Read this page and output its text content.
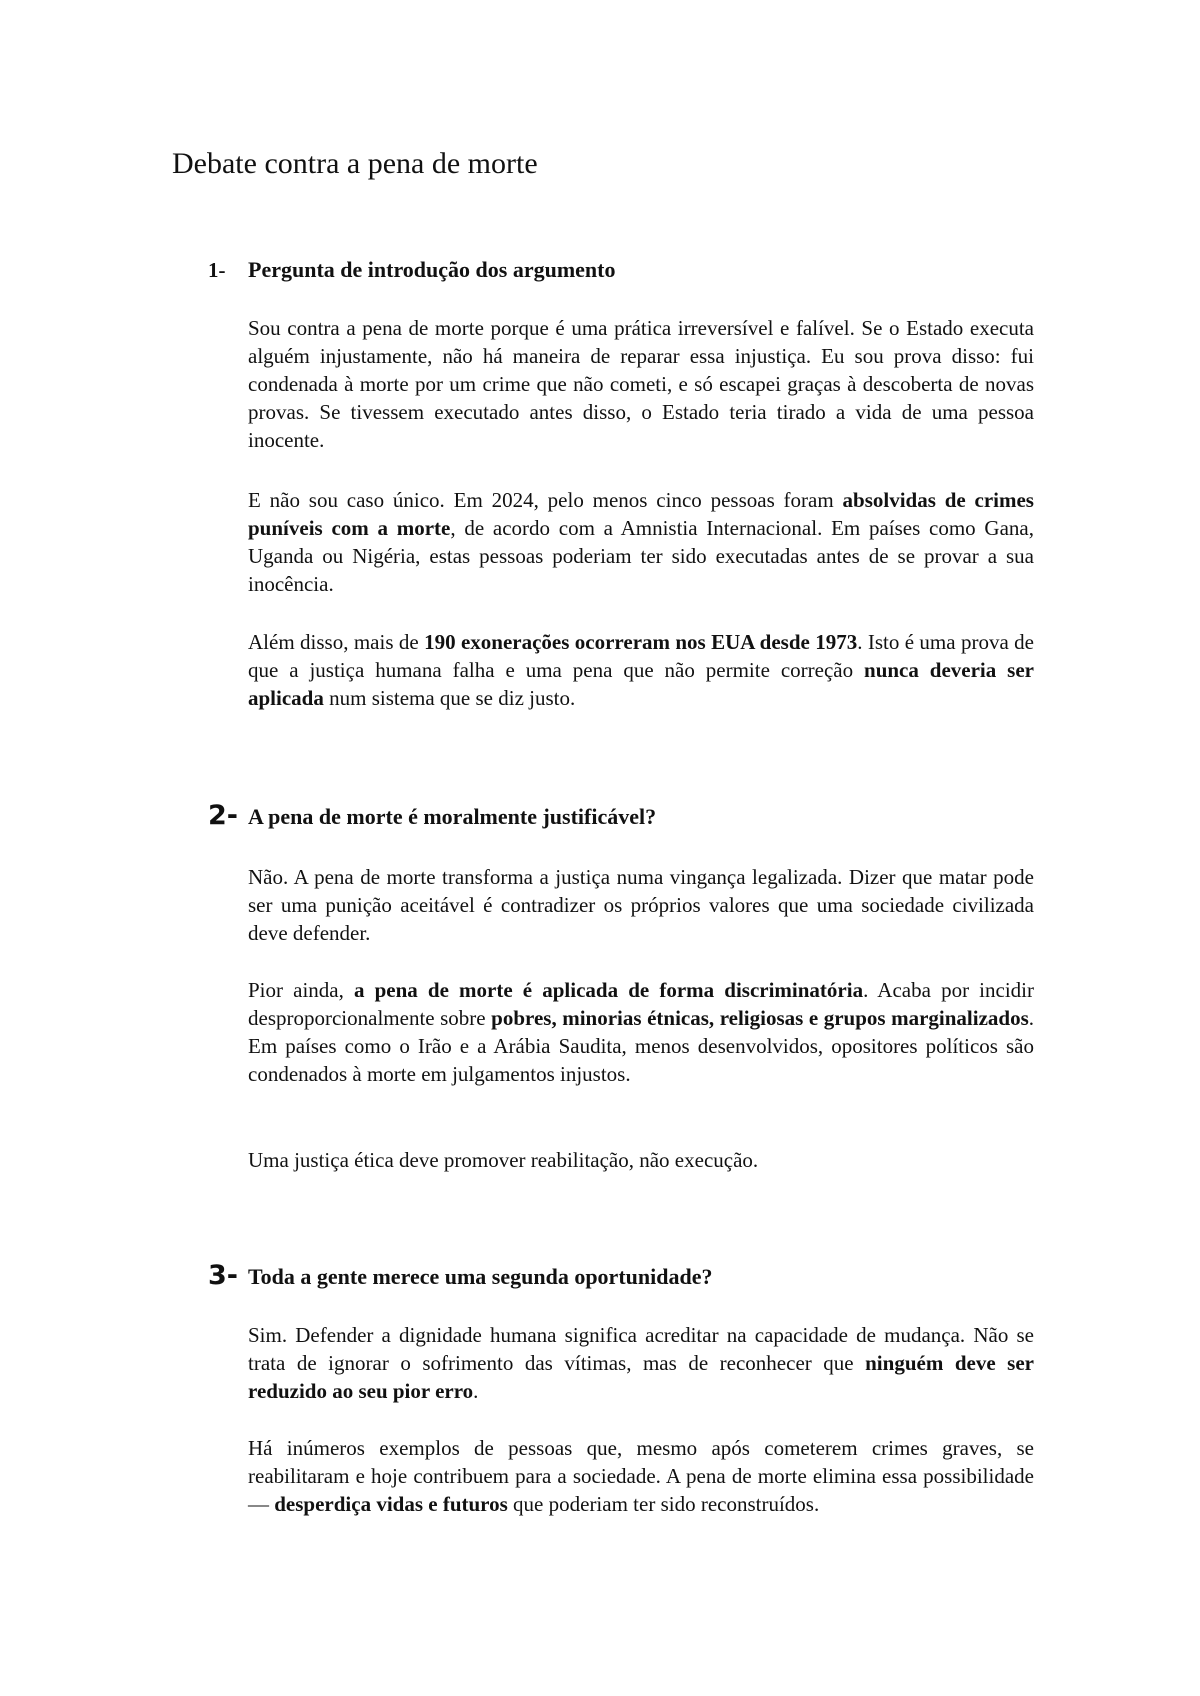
Debate contra a pena de morte
1- Pergunta de introdução dos argumento

Sou contra a pena de morte porque é uma prática irreversível e falível. Se o Estado executa alguém injustamente, não há maneira de reparar essa injustiça. Eu sou prova disso: fui condenada à morte por um crime que não cometi, e só escapei graças à descoberta de novas provas. Se tivessem executado antes disso, o Estado teria tirado a vida de uma pessoa inocente.

E não sou caso único. Em 2024, pelo menos cinco pessoas foram absolvidas de crimes puníveis com a morte, de acordo com a Amnistia Internacional. Em países como Gana, Uganda ou Nigéria, estas pessoas poderiam ter sido executadas antes de se provar a sua inocência.

Além disso, mais de 190 exonerações ocorreram nos EUA desde 1973. Isto é uma prova de que a justiça humana falha e uma pena que não permite correção nunca deveria ser aplicada num sistema que se diz justo.

2- A pena de morte é moralmente justificável?

Não. A pena de morte transforma a justiça numa vingança legalizada. Dizer que matar pode ser uma punição aceitável é contradizer os próprios valores que uma sociedade civilizada deve defender.

Pior ainda, a pena de morte é aplicada de forma discriminatória. Acaba por incidir desproporcionalmente sobre pobres, minorias étnicas, religiosas e grupos marginalizados. Em países como o Irão e a Arábia Saudita, menos desenvolvidos, opositores políticos são condenados à morte em julgamentos injustos.

Uma justiça ética deve promover reabilitação, não execução.

3- Toda a gente merece uma segunda oportunidade?

Sim. Defender a dignidade humana significa acreditar na capacidade de mudança. Não se trata de ignorar o sofrimento das vítimas, mas de reconhecer que ninguém deve ser reduzido ao seu pior erro.

Há inúmeros exemplos de pessoas que, mesmo após cometerem crimes graves, se reabilitaram e hoje contribuem para a sociedade. A pena de morte elimina essa possibilidade — desperdiça vidas e futuros que poderiam ter sido reconstruídos.
